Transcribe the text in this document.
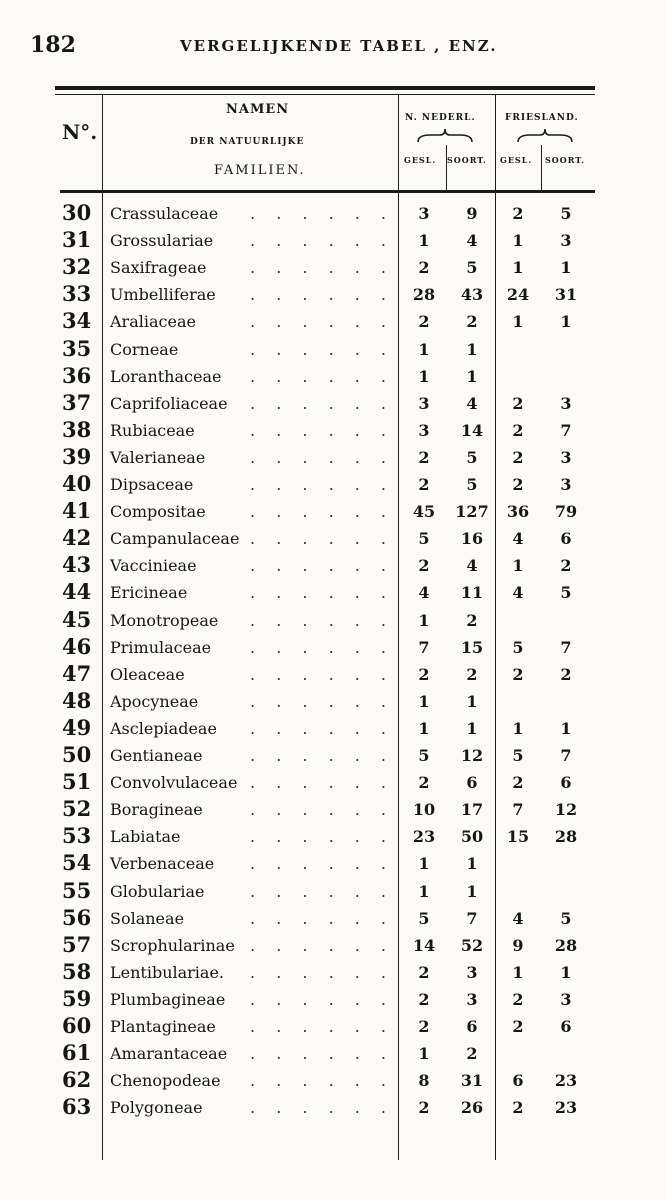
182	VERGELIJKENDE TABEL , ENZ.
N°.
NAMEN
DER NATUURLIJKE
FAMILIEN.
N. NEDERL.	FRIESLAND.
GESL. SOORT. GESL. SOORT.
. . . . . .
30	Crassulaceae	3	9	2	5
. . . . . .
31	Grossulariae	1	4	1	3
. . . . . .
32	Saxifrageae	2	5	1	1
. . . . . .
33	Umbelliferae	28	43	24	31
. . . . . .
34	Araliaceae	2	2	1	1
. . . . . .
35	Corneae	1	1
. . . . . .
36	Loranthaceae	1	1
. . . . . .
37	Caprifoliaceae	3	4	2	3
. . . . . .
38	Rubiaceae	3	14	2	7
. . . . . .
39	Valerianeae	2	5	2	3
. . . . . .
40	Dipsaceae	2	5	2	3
. . . . . .
41	Compositae	45	127	36	79
. . . . . .
42	Campanulaceae	5	16	4	6
. . . . . .
43	Vaccinieae	2	4	1	2
. . . . . .
44	Ericineae	4	11	4	5
. . . . . .
45	Monotropeae	1	2
. . . . . .
46	Primulaceae	7	15	5	7
. . . . . .
47	Oleaceae	2	2	2	2
. . . . . .
48	Apocyneae	1	1
. . . . . .
49	Asclepiadeae	1	1	1	1
. . . . . .
50	Gentianeae	5	12	5	7
. . . . . .
51	Convolvulaceae	2	6	2	6
. . . . . .
52	Boragineae	10	17	7	12
. . . . . .
53	Labiatae	23	50	15	28
. . . . . .
54	Verbenaceae	1	1
. . . . . .
55	Globulariae	1	1
. . . . . .
56	Solaneae	5	7	4	5
. . . . . .
57	Scrophularinae	14	52	9	28
. . . . . .
58	Lentibulariae.	2	3	1	1
. . . . . .
59	Plumbagineae	2	3	2	3
. . . . . .
60	Plantagineae	2	6	2	6
. . . . . .
61	Amarantaceae	1	2
. . . . . .
62	Chenopodeae	8	31	6	23
. . . . . .
63	Polygoneae	2	26	2	23
